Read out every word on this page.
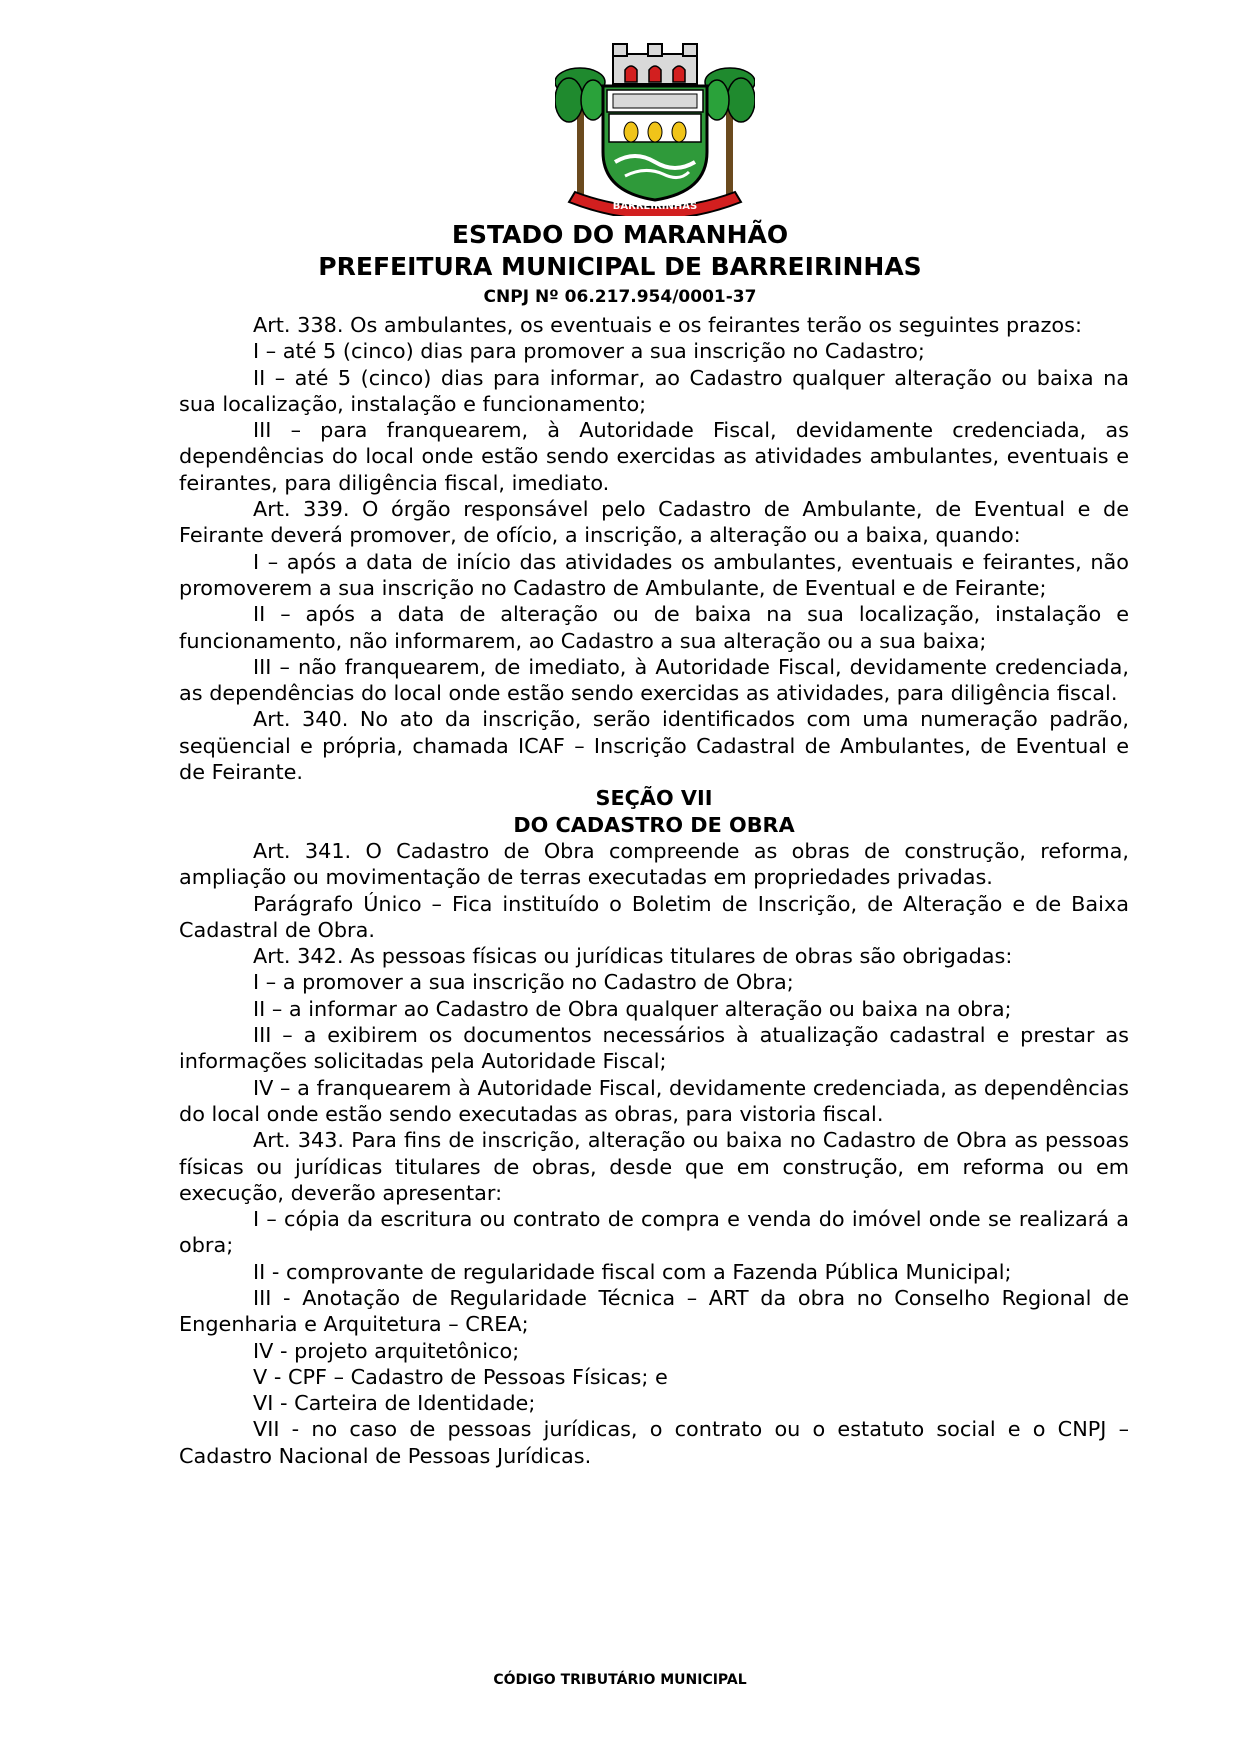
BARREIRINHAS
ESTADO DO MARANHÃO
PREFEITURA MUNICIPAL DE BARREIRINHAS
CNPJ Nº 06.217.954/0001-37

Art. 338. Os ambulantes, os eventuais e os feirantes terão os seguintes prazos:

I – até 5 (cinco) dias para promover a sua inscrição no Cadastro;

II – até 5 (cinco) dias para informar, ao Cadastro qualquer alteração ou baixa na sua localização, instalação e funcionamento;

III – para franquearem, à Autoridade Fiscal, devidamente credenciada, as dependências do local onde estão sendo exercidas as atividades ambulantes, eventuais e feirantes, para diligência fiscal, imediato.

Art. 339. O órgão responsável pelo Cadastro de Ambulante, de Eventual e de Feirante deverá promover, de ofício, a inscrição, a alteração ou a baixa, quando:

I – após a data de início das atividades os ambulantes, eventuais e feirantes, não promoverem a sua inscrição no Cadastro de Ambulante, de Eventual e de Feirante;

II – após a data de alteração ou de baixa na sua localização, instalação e funcionamento, não informarem, ao Cadastro a sua alteração ou a sua baixa;

III – não franquearem, de imediato, à Autoridade Fiscal, devidamente credenciada, as dependências do local onde estão sendo exercidas as atividades, para diligência fiscal.

Art. 340. No ato da inscrição, serão identificados com uma numeração padrão, seqüencial e própria, chamada ICAF – Inscrição Cadastral de Ambulantes, de Eventual e de Feirante.

SEÇÃO VII

DO CADASTRO DE OBRA

Art. 341. O Cadastro de Obra compreende as obras de construção, reforma, ampliação ou movimentação de terras executadas em propriedades privadas.

Parágrafo Único – Fica instituído o Boletim de Inscrição, de Alteração e de Baixa Cadastral de Obra.

Art. 342. As pessoas físicas ou jurídicas titulares de obras são obrigadas:

I – a promover a sua inscrição no Cadastro de Obra;

II – a informar ao Cadastro de Obra qualquer alteração ou baixa na obra;

III – a exibirem os documentos necessários à atualização cadastral e prestar as informações solicitadas pela Autoridade Fiscal;

IV – a franquearem à Autoridade Fiscal, devidamente credenciada, as dependências do local onde estão sendo executadas as obras, para vistoria fiscal.

Art. 343. Para fins de inscrição, alteração ou baixa no Cadastro de Obra as pessoas físicas ou jurídicas titulares de obras, desde que em construção, em reforma ou em execução, deverão apresentar:

I – cópia da escritura ou contrato de compra e venda do imóvel onde se realizará a obra;

II - comprovante de regularidade fiscal com a Fazenda Pública Municipal;

III - Anotação de Regularidade Técnica – ART da obra no Conselho Regional de Engenharia e Arquitetura – CREA;

IV - projeto arquitetônico;

V - CPF – Cadastro de Pessoas Físicas; e

VI - Carteira de Identidade;

VII - no caso de pessoas jurídicas, o contrato ou o estatuto social e o CNPJ – Cadastro Nacional de Pessoas Jurídicas.

CÓDIGO TRIBUTÁRIO MUNICIPAL
